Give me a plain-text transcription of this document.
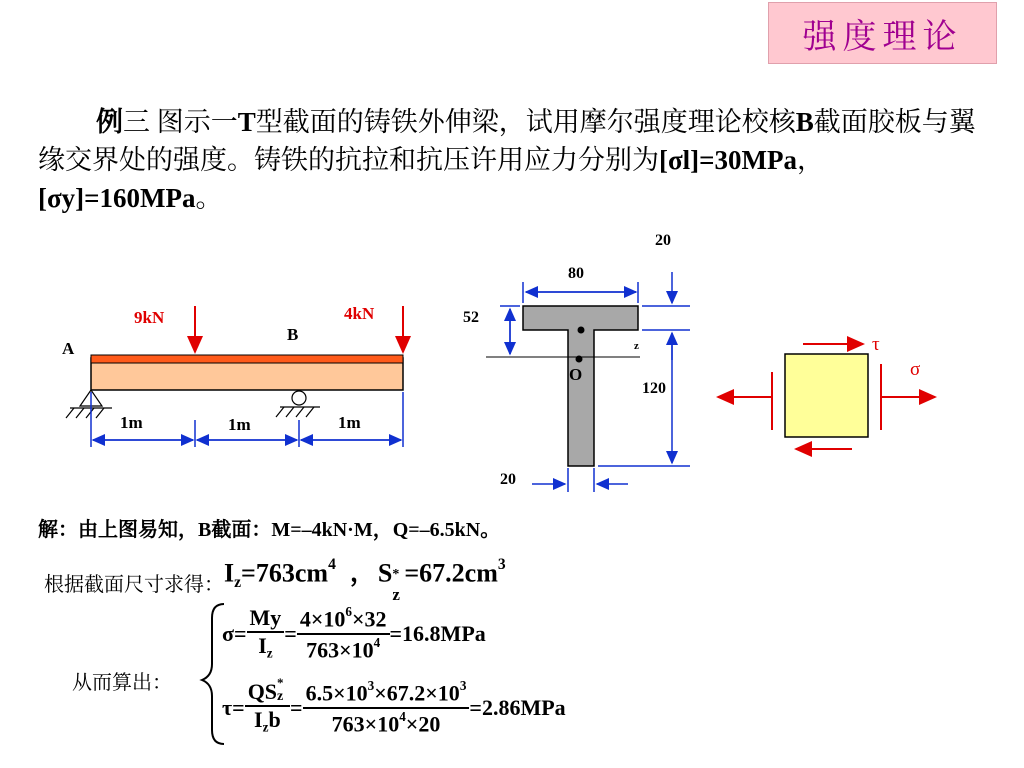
强度理论
例三 图示一T型截面的铸铁外伸梁，试用摩尔强度理论校核B截面胶板与翼缘交界处的强度。铸铁的抗拉和抗压许用应力分别为[σl]=30MPa，[σy]=160MPa。
9kN	4kN
A
B
1m	1m	1m
80
20
52
120
20
z
O
τ
σ
解：由上图易知，B截面：M=–4kN·M，Q=–6.5kN。
根据截面尺寸求得： $I_z=763cm^4$ ， S *
z
$=67.2cm^3$
从而算出：
$\sigma= \frac{My}{I_z} = \frac{4\times 10^6\times 32}{763\times 10^4} =16.8MPa$
τ= QS *
z
$I_zb = \frac{6.5\times 10^3\times 67.2\times 10^3}{763\times 10^4\times 20} =2.86MPa$
